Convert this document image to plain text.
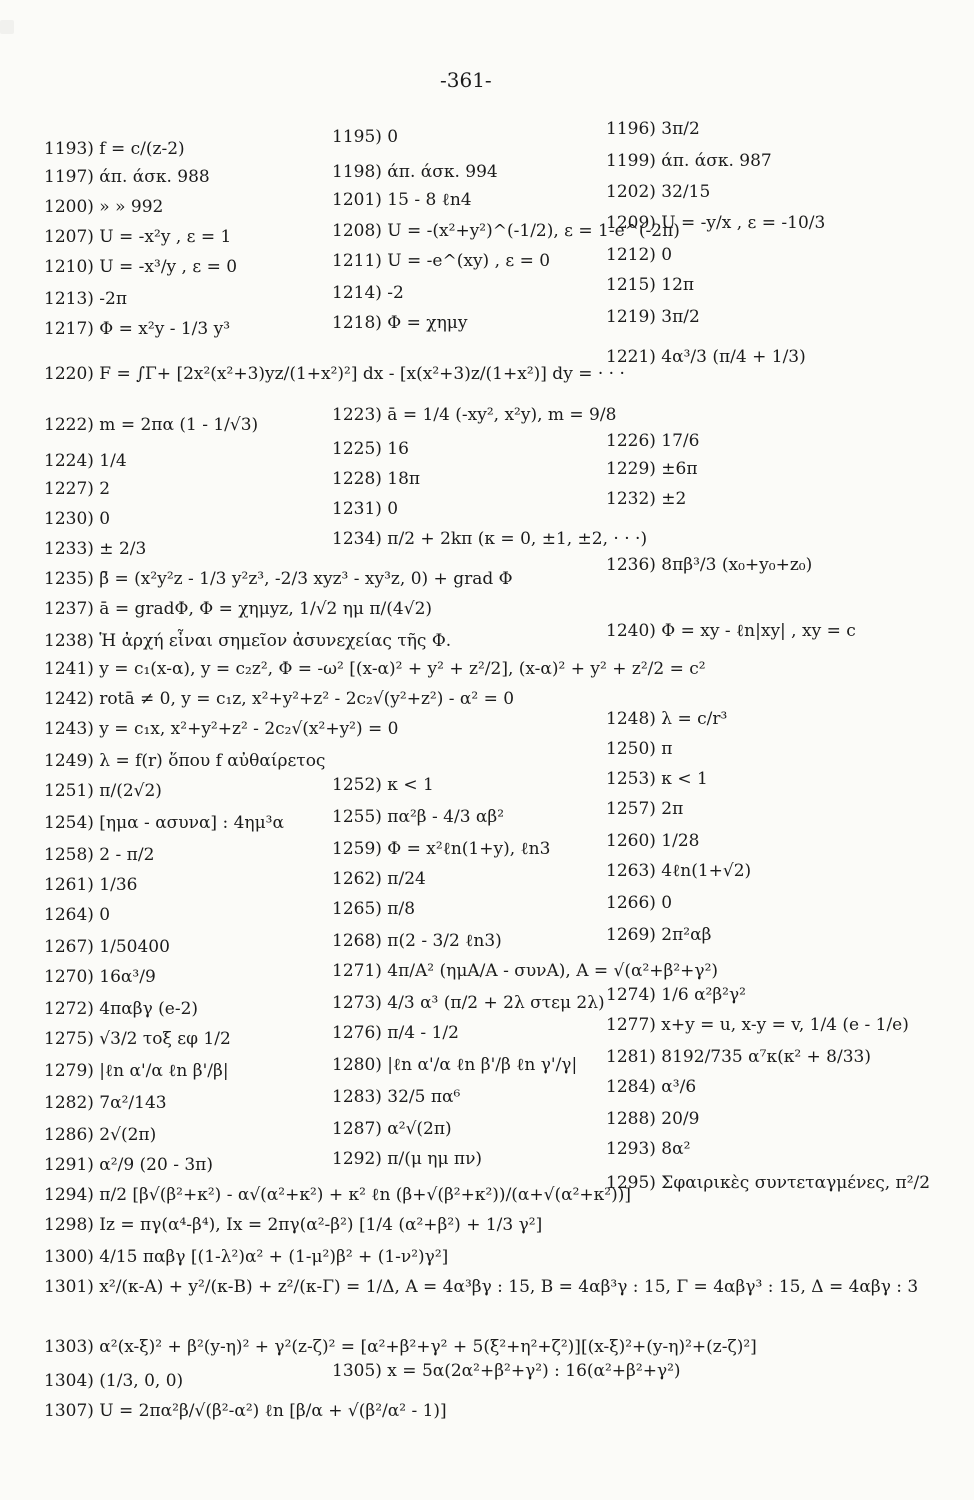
-361-
1193) f = c/(z-2)
1195) 0	1196) 3π/2
1197) άπ. άσκ. 988	1198) άπ. άσκ. 994
1199) άπ. άσκ. 987
1200) » » 992	1201) 15 - 8 ℓn4	1202) 32/15
1207) U = -x²y , ε = 1	1208) U = -(x²+y²)^(-1/2), ε = 1-e^(-2π)
1209) U = -y/x , ε = -10/3
1210) U = -x³/y , ε = 0	1211) U = -e^(xy) , ε = 0	1212) 0
1213) -2π	1214) -2	1215) 12π
1217) Φ = x²y - 1/3 y³	1218) Φ = χημy	1219) 3π/2
1220) F = ∫Γ+ [2x²(x²+3)yz/(1+x²)²] dx - [x(x²+3)z/(1+x²)] dy = · · ·
1221) 4α³/3 (π/4 + 1/3)
1222) m = 2πα (1 - 1/√3)	1223) ā = 1/4 (-xy², x²y), m = 9/8
1224) 1/4
1225) 16	1226) 17/6
1227) 2	1228) 18π	1229) ±6π
1230) 0	1231) 0	1232) ±2
1233) ± 2/3	1234) π/2 + 2kπ (κ = 0, ±1, ±2, · · ·)
1235) β̄ = (x²y²z - 1/3 y²z³, -2/3 xyz³ - xy³z, 0) + grad Φ
1236) 8πβ³/3 (x₀+y₀+z₀)
1237) ā = gradΦ, Φ = χημyz, 1/√2 ημ π/(4√2)
1238) Ἡ ἀρχή εἶναι σημεῖον ἀσυνεχείας τῆς Φ.	1240) Φ = xy - ℓn|xy| , xy = c
1241) y = c₁(x-α), y = c₂z², Φ = -ω² [(x-α)² + y² + z²/2], (x-α)² + y² + z²/2 = c²
1242) rotā ≠ 0, y = c₁z, x²+y²+z² - 2c₂√(y²+z²) - α² = 0
1243) y = c₁x, x²+y²+z² - 2c₂√(x²+y²) = 0	1248) λ = c/r³
1249) λ = f(r) ὅπου f αὐθαίρετος
1250) π
1251) π/(2√2)	1252) κ < 1	1253) κ < 1
1254) [ημα - ασυνα] : 4ημ³α	1255) πα²β - 4/3 αβ²	1257) 2π
1258) 2 - π/2	1259) Φ = x²ℓn(1+y), ℓn3	1260) 1/28
1261) 1/36	1262) π/24	1263) 4ℓn(1+√2)
1264) 0	1265) π/8	1266) 0
1267) 1/50400	1268) π(2 - 3/2 ℓn3)	1269) 2π²αβ
1270) 16α³/9	1271) 4π/A² (ημA/A - συνA), A = √(α²+β²+γ²)
1272) 4παβγ (e-2)	1273) 4/3 α³ (π/2 + 2λ στεμ 2λ) 1274) 1/6 α²β²γ²
1275) √3/2 τοξ εφ 1/2	1276) π/4 - 1/2	1277) x+y = u, x-y = v, 1/4 (e - 1/e)
1279) |ℓn α'/α ℓn β'/β|	1280) |ℓn α'/α ℓn β'/β ℓn γ'/γ| 1281) 8192/735 α⁷κ(κ² + 8/33)
1282) 7α²/143	1283) 32/5 πα⁶	1284) α³/6
1286) 2√(2π)	1287) α²√(2π)	1288) 20/9
1291) α²/9 (20 - 3π)	1292) π/(μ ημ πν)	1293) 8α²
1294) π/2 [β√(β²+κ²) - α√(α²+κ²) + κ² ℓn (β+√(β²+κ²))/(α+√(α²+κ²))]
1295) Σφαιρικὲς συντεταγμένες, π²/2
1298) Iz = πγ(α⁴-β⁴), Ix = 2πγ(α²-β²) [1/4 (α²+β²) + 1/3 γ²]
1300) 4/15 παβγ [(1-λ²)α² + (1-μ²)β² + (1-ν²)γ²]
1301) x²/(κ-A) + y²/(κ-B) + z²/(κ-Γ) = 1/Δ, A = 4α³βγ : 15, B = 4αβ³γ : 15, Γ = 4αβγ³ : 15, Δ = 4αβγ : 3
1303) α²(x-ξ)² + β²(y-η)² + γ²(z-ζ)² = [α²+β²+γ² + 5(ξ²+η²+ζ²)][(x-ξ)²+(y-η)²+(z-ζ)²]
1304) (1/3, 0, 0)	1305) x = 5α(2α²+β²+γ²) : 16(α²+β²+γ²)
1307) U = 2πα²β/√(β²-α²) ℓn [β/α + √(β²/α² - 1)]
